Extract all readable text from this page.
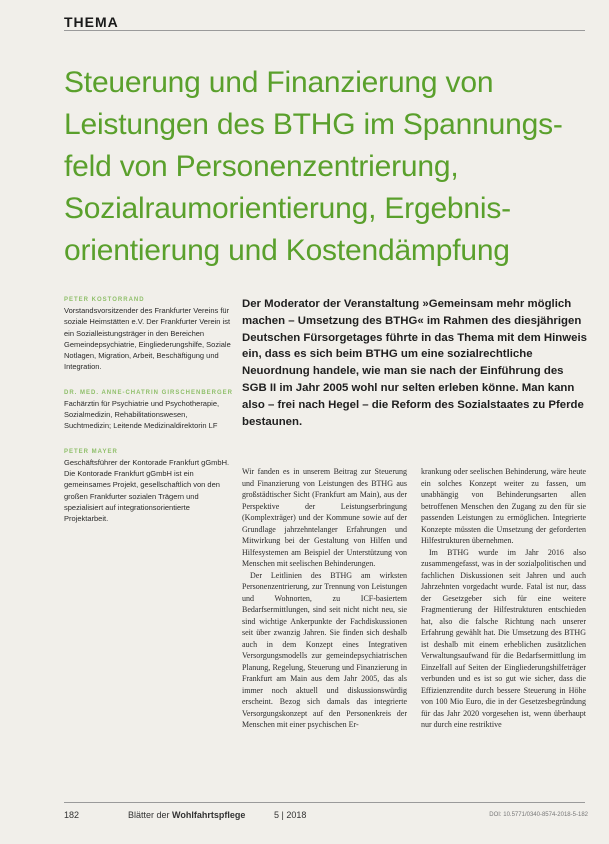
THEMA
Steuerung und Finanzierung von
Leistungen des BTHG im Spannungs-
feld von Personenzentrierung,
Sozialraumorientierung, Ergebnis-
orientierung und Kostendämpfung
PETER KOSTORRAND
Vorstandsvorsitzender des Frankfurter Vereins für soziale Heimstätten e.V. Der Frankfurter Verein ist ein Sozialleistungsträger in den Bereichen Gemeindepsychiatrie, Eingliederungshilfe, Soziale Notlagen, Migration, Arbeit, Beschäftigung und Integration.
DR. MED. ANNE-CHATRIN GIRSCHENBERGER
Fachärztin für Psychiatrie und Psychotherapie, Sozialmedizin, Rehabilitationswesen, Suchtmedizin; Leitende Medizinaldirektorin LF
PETER MAYER
Geschäftsführer der Kontorade Frankfurt gGmbH. Die Kontorade Frankfurt gGmbH ist ein gemeinsames Projekt, gesellschaftlich von den großen Frankfurter sozialen Trägern und spezialisiert auf integrationsorientierte Projektarbeit.
Der Moderator der Veranstaltung »Gemeinsam mehr möglich machen – Umsetzung des BTHG« im Rahmen des diesjährigen Deutschen Fürsorgetages führte in das Thema mit dem Hinweis ein, dass es sich beim BTHG um eine sozialrechtliche Neuordnung handele, wie man sie nach der Einführung des SGB II im Jahr 2005 wohl nur selten erleben könne. Man kann also – frei nach Hegel – die Reform des Sozialstaates zu Pferde bestaunen.

Wir fanden es in unserem Beitrag zur Steuerung und Finanzierung von Leistungen des BTHG aus großstädtischer Sicht (Frankfurt am Main), aus der Perspektive der Leistungserbringung (Komplexträger) und der Kommune sowie auf der Grundlage jahrzehntelanger Erfahrungen und Mitwirkung bei der Gestaltung von Hilfen und Hilfesystemen am Beispiel der Unterstützung von Menschen mit seelischen Behinderungen.

Der Leitlinien des BTHG am wirksten Personenzentrierung, zur Trennung von Leistungen und Wohnorten, zu ICF-basiertem Bedarfsermittlungen, sind seit nicht nicht neu, sie sind wichtige Ankerpunkte der Fachdiskussionen seit über zwanzig Jahren. Sie finden sich deshalb auch in dem Konzept eines Integrativen Versorgungsmodells zur gemeindepsychiatrischen Planung, Regelung, Steuerung und Finanzierung in Frankfurt am Main aus dem Jahr 2005, das als immer noch aktuell und diskussionswürdig erscheint. Bezog sich damals das integrierte Versorgungskonzept auf den Personenkreis der Menschen mit einer psychischen Er-

krankung oder seelischen Behinderung, wäre heute ein solches Konzept weiter zu fassen, um unabhängig von Behinderungsarten allen betroffenen Menschen den Zugang zu den für sie passenden Leistungen zu ermöglichen. Integrierte Konzepte müssten die Umsetzung der geforderten Hilfestrukturen übernehmen.

Im BTHG wurde im Jahr 2016 also zusammengefasst, was in der sozialpolitischen und fachlichen Diskussionen seit Jahren und auch Jahrzehnten vorgedacht wurde. Fatal ist nur, dass der Gesetzgeber sich für eine weitere Fragmentierung der Hilfestrukturen entschieden hat, also die falsche Richtung nach unserer Erfahrung gewählt hat. Die Umsetzung des BTHG ist deshalb mit einem erheblichen zusätzlichen Verwaltungsaufwand für die Bedarfsermittlung im Einzelfall auf Seiten der Eingliederungshilfeträger verbunden und es ist so gut wie sicher, dass die Effizienzrendite durch bessere Steuerung in Höhe von 100 Mio Euro, die in der Gesetzesbegründung für das Jahr 2020 vorgesehen ist, wenn überhaupt nur durch eine restriktive

182	Blätter der Wohlfahrtspflege	5 | 2018	DOI: 10.5771/0340-8574-2018-5-182
